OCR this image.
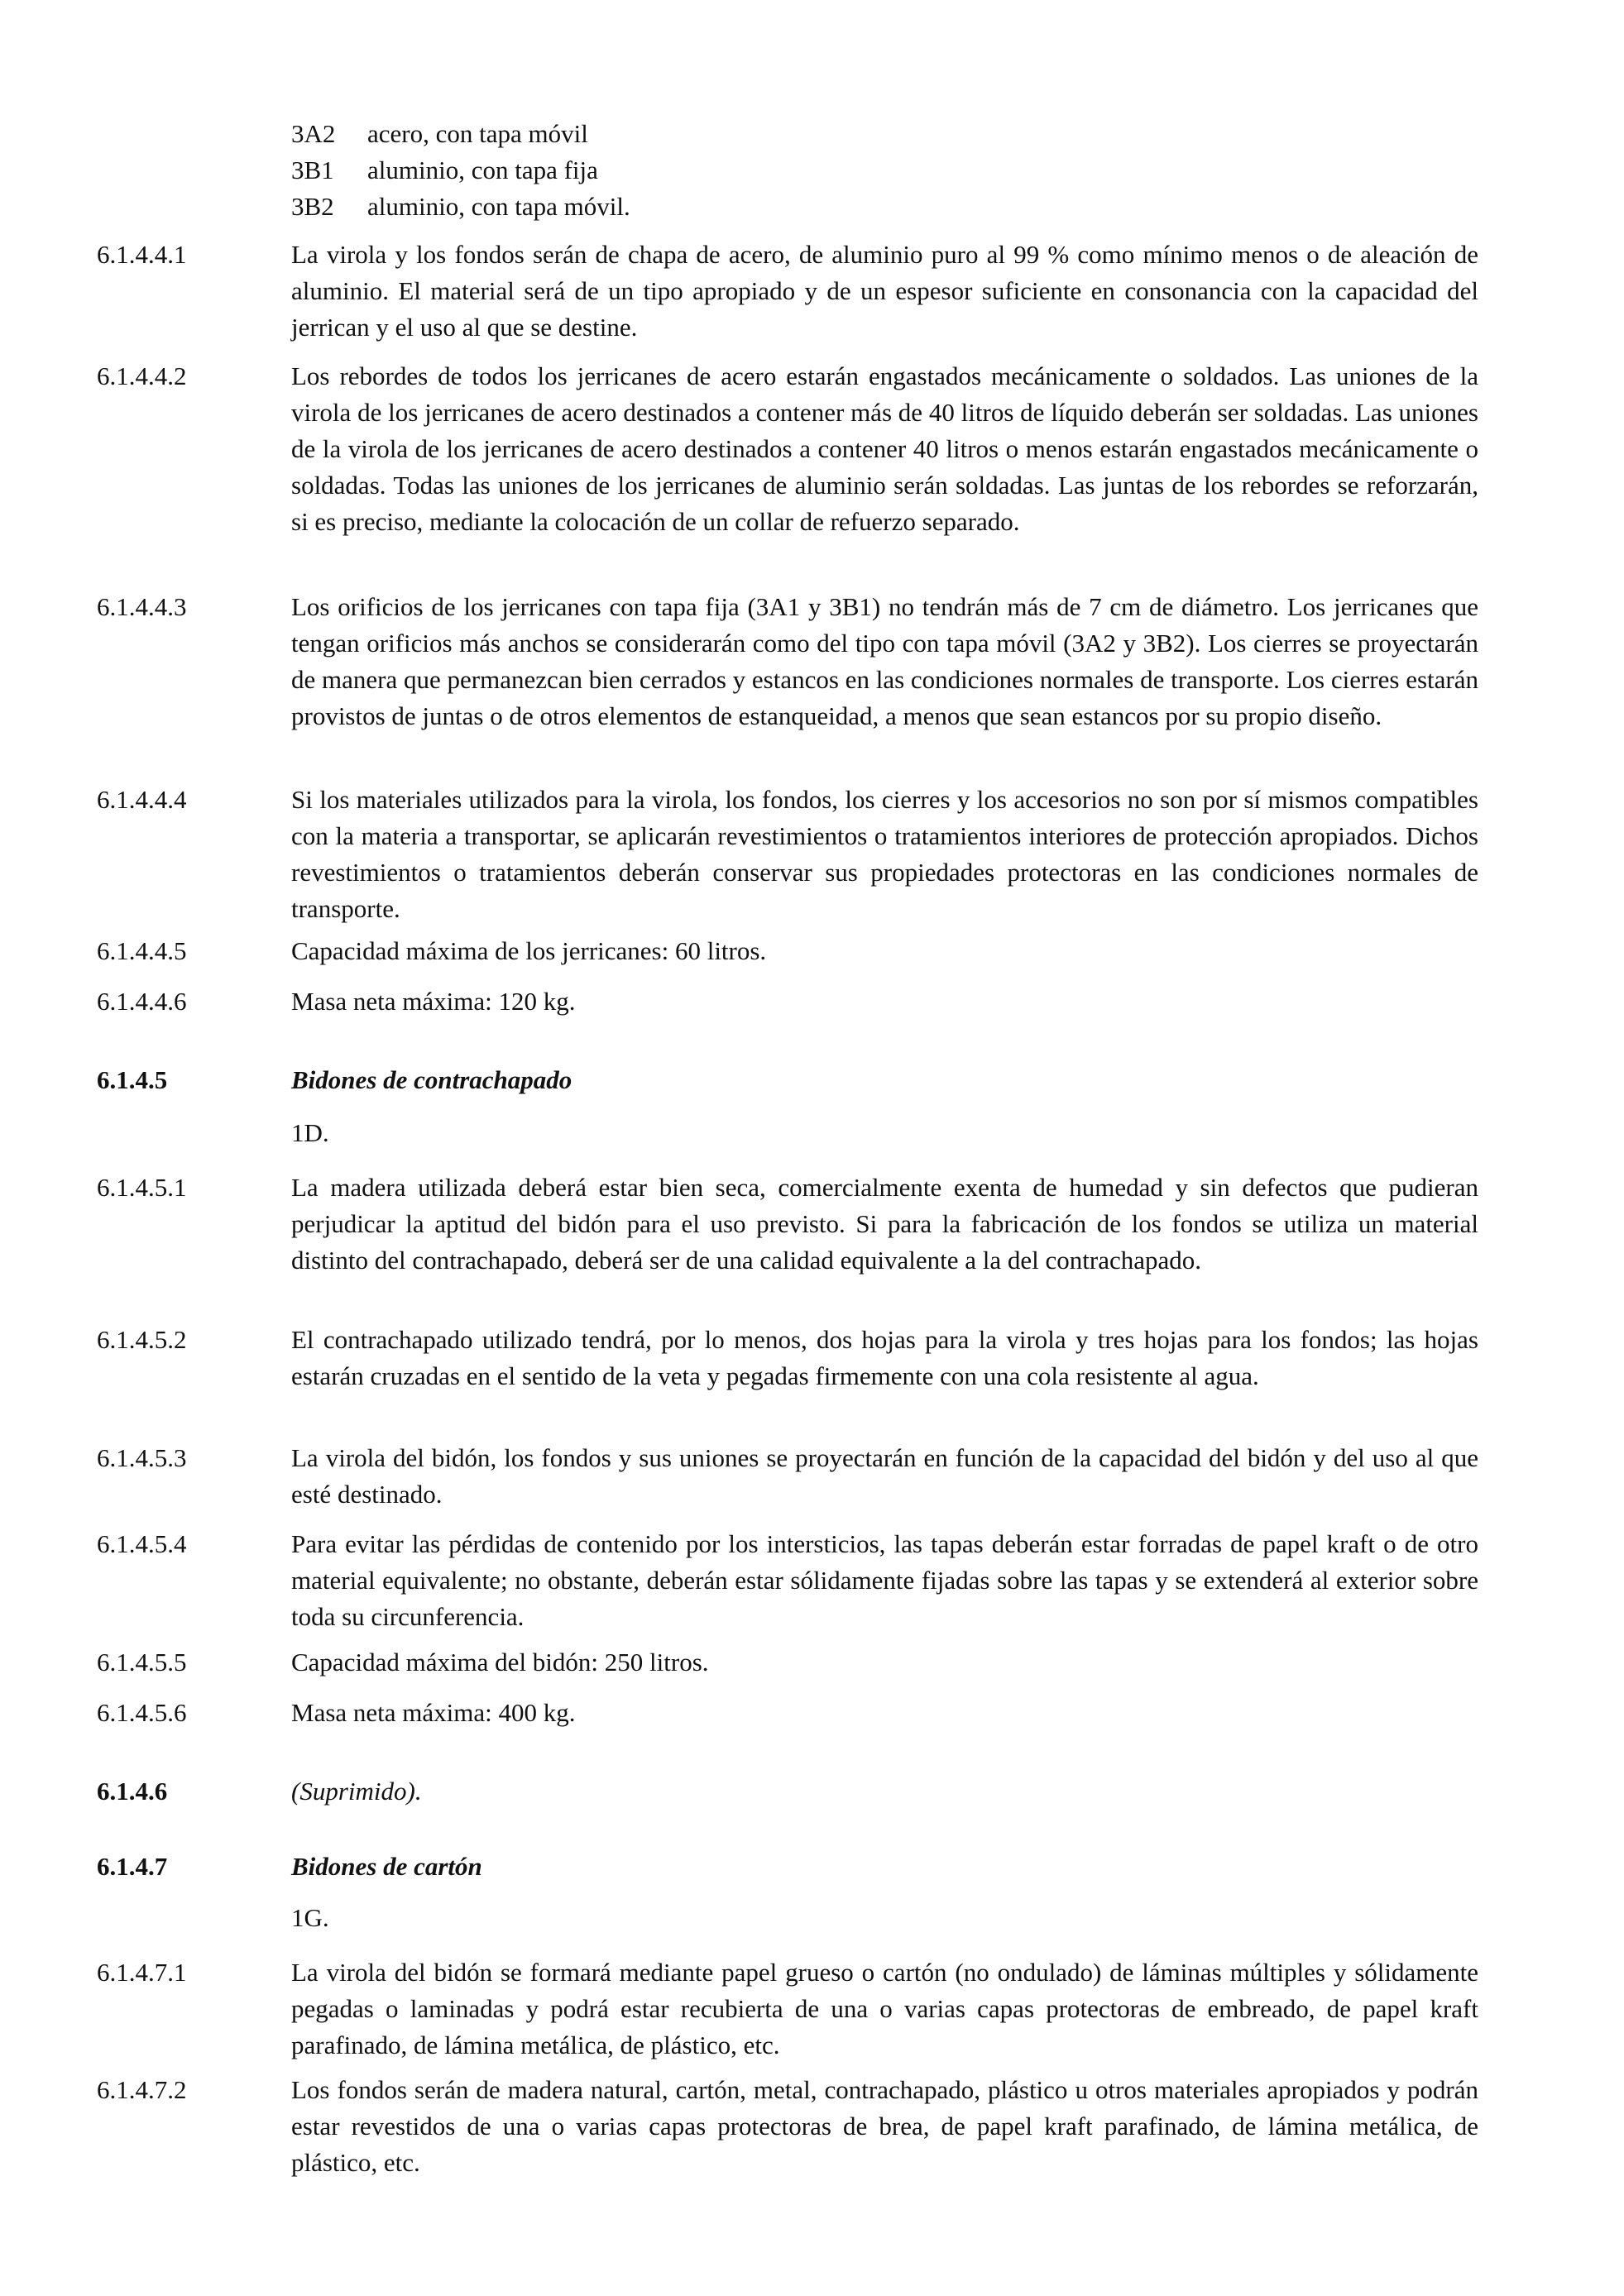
3A2	acero, con tapa móvil
3B1	aluminio, con tapa fija
3B2	aluminio, con tapa móvil.
6.1.4.4.1	La virola y los fondos serán de chapa de acero, de aluminio puro al 99 % como mínimo menos o de aleación de aluminio. El material será de un tipo apropiado y de un espesor suficiente en consonancia con la capacidad del jerrican y el uso al que se destine.
6.1.4.4.2	Los rebordes de todos los jerricanes de acero estarán engastados mecánicamente o soldados. Las uniones de la virola de los jerricanes de acero destinados a contener más de 40 litros de líquido deberán ser soldadas. Las uniones de la virola de los jerricanes de acero destinados a contener 40 litros o menos estarán engastados mecánicamente o soldadas. Todas las uniones de los jerricanes de aluminio serán soldadas. Las juntas de los rebordes se reforzarán, si es preciso, mediante la colocación de un collar de refuerzo separado.
6.1.4.4.3	Los orificios de los jerricanes con tapa fija (3A1 y 3B1) no tendrán más de 7 cm de diámetro. Los jerricanes que tengan orificios más anchos se considerarán como del tipo con tapa móvil (3A2 y 3B2). Los cierres se proyectarán de manera que permanezcan bien cerrados y estancos en las condiciones normales de transporte. Los cierres estarán provistos de juntas o de otros elementos de estanqueidad, a menos que sean estancos por su propio diseño.
6.1.4.4.4	Si los materiales utilizados para la virola, los fondos, los cierres y los accesorios no son por sí mismos compatibles con la materia a transportar, se aplicarán revestimientos o tratamientos interiores de protección apropiados. Dichos revestimientos o tratamientos deberán conservar sus propiedades protectoras en las condiciones normales de transporte.
6.1.4.4.5	Capacidad máxima de los jerricanes: 60 litros.
6.1.4.4.6	Masa neta máxima: 120 kg.
6.1.4.5	Bidones de contrachapado
1D.
6.1.4.5.1	La madera utilizada deberá estar bien seca, comercialmente exenta de humedad y sin defectos que pudieran perjudicar la aptitud del bidón para el uso previsto. Si para la fabricación de los fondos se utiliza un material distinto del contrachapado, deberá ser de una calidad equivalente a la del contrachapado.
6.1.4.5.2	El contrachapado utilizado tendrá, por lo menos, dos hojas para la virola y tres hojas para los fondos; las hojas estarán cruzadas en el sentido de la veta y pegadas firmemente con una cola resistente al agua.
6.1.4.5.3	La virola del bidón, los fondos y sus uniones se proyectarán en función de la capacidad del bidón y del uso al que esté destinado.
6.1.4.5.4	Para evitar las pérdidas de contenido por los intersticios, las tapas deberán estar forradas de papel kraft o de otro material equivalente; no obstante, deberán estar sólidamente fijadas sobre las tapas y se extenderá al exterior sobre toda su circunferencia.
6.1.4.5.5	Capacidad máxima del bidón: 250 litros.
6.1.4.5.6	Masa neta máxima: 400 kg.
6.1.4.6	(Suprimido).
6.1.4.7	Bidones de cartón
1G.
6.1.4.7.1	La virola del bidón se formará mediante papel grueso o cartón (no ondulado) de láminas múltiples y sólidamente pegadas o laminadas y podrá estar recubierta de una o varias capas protectoras de embreado, de papel kraft parafinado, de lámina metálica, de plástico, etc.
6.1.4.7.2	Los fondos serán de madera natural, cartón, metal, contrachapado, plástico u otros materiales apropiados y podrán estar revestidos de una o varias capas protectoras de brea, de papel kraft parafinado, de lámina metálica, de plástico, etc.
